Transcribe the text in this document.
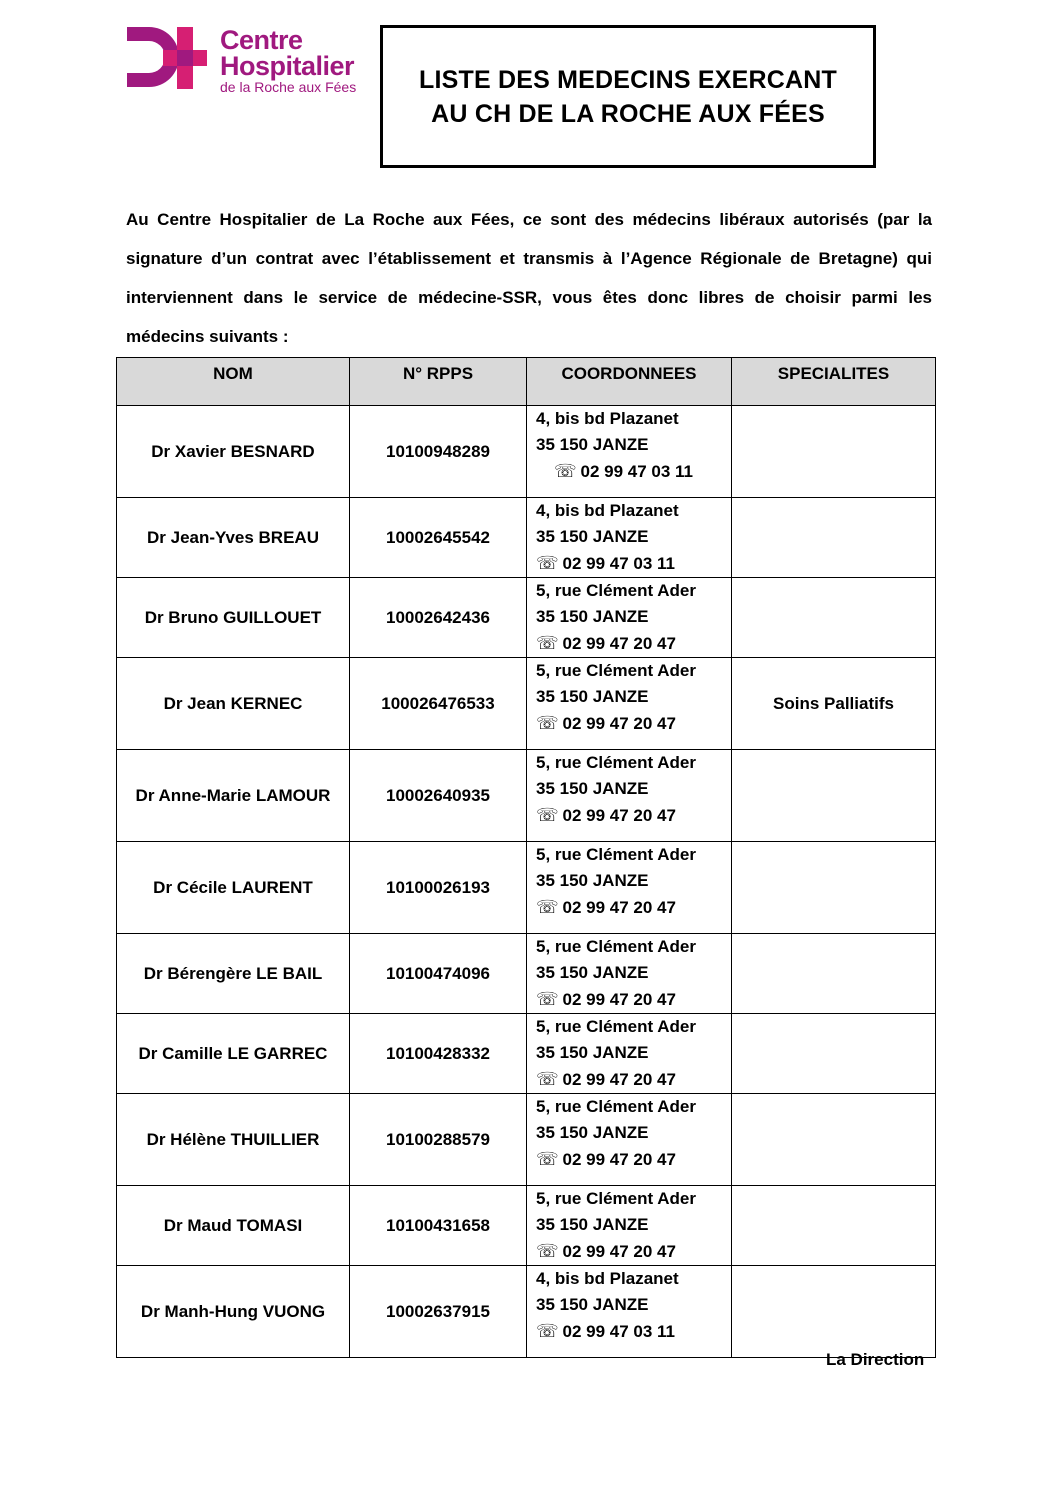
Centre
Hospitalier
de la Roche aux Fées	LISTE DES MEDECINS EXERCANT
AU CH DE LA ROCHE AUX FÉES
Au Centre Hospitalier de La Roche aux Fées, ce sont des médecins libéraux autorisés (par la signature d’un contrat avec l’établissement et transmis à l’Agence Régionale de Bretagne) qui interviennent dans le service de médecine-SSR, vous êtes donc libres de choisir parmi les médecins suivants :
NOM	N° RPPS	COORDONNEES	SPECIALITES
Dr Xavier BESNARD	10100948289	4, bis bd Plazanet
35 150 JANZE
☏ 02 99 47 03 11	

Dr Jean-Yves BREAU	10002645542	4, bis bd Plazanet
35 150 JANZE
☏ 02 99 47 03 11	

Dr Bruno GUILLOUET	10002642436	5, rue Clément Ader
35 150 JANZE
☏ 02 99 47 20 47	

Dr Jean KERNEC	100026476533	5, rue Clément Ader
35 150 JANZE
☏ 02 99 47 20 47	Soins Palliatifs
Dr Anne-Marie LAMOUR	10002640935	5, rue Clément Ader
35 150 JANZE
☏ 02 99 47 20 47	

Dr Cécile LAURENT	10100026193	5, rue Clément Ader
35 150 JANZE
☏ 02 99 47 20 47	

Dr Bérengère LE BAIL	10100474096	5, rue Clément Ader
35 150 JANZE
☏ 02 99 47 20 47	

Dr Camille LE GARREC	10100428332	5, rue Clément Ader
35 150 JANZE
☏ 02 99 47 20 47	

Dr Hélène THUILLIER	10100288579	5, rue Clément Ader
35 150 JANZE
☏ 02 99 47 20 47	

Dr Maud TOMASI	10100431658	5, rue Clément Ader
35 150 JANZE
☏ 02 99 47 20 47	

Dr Manh-Hung VUONG	10002637915	4, bis bd Plazanet
35 150 JANZE
☏ 02 99 47 03 11	

La Direction
